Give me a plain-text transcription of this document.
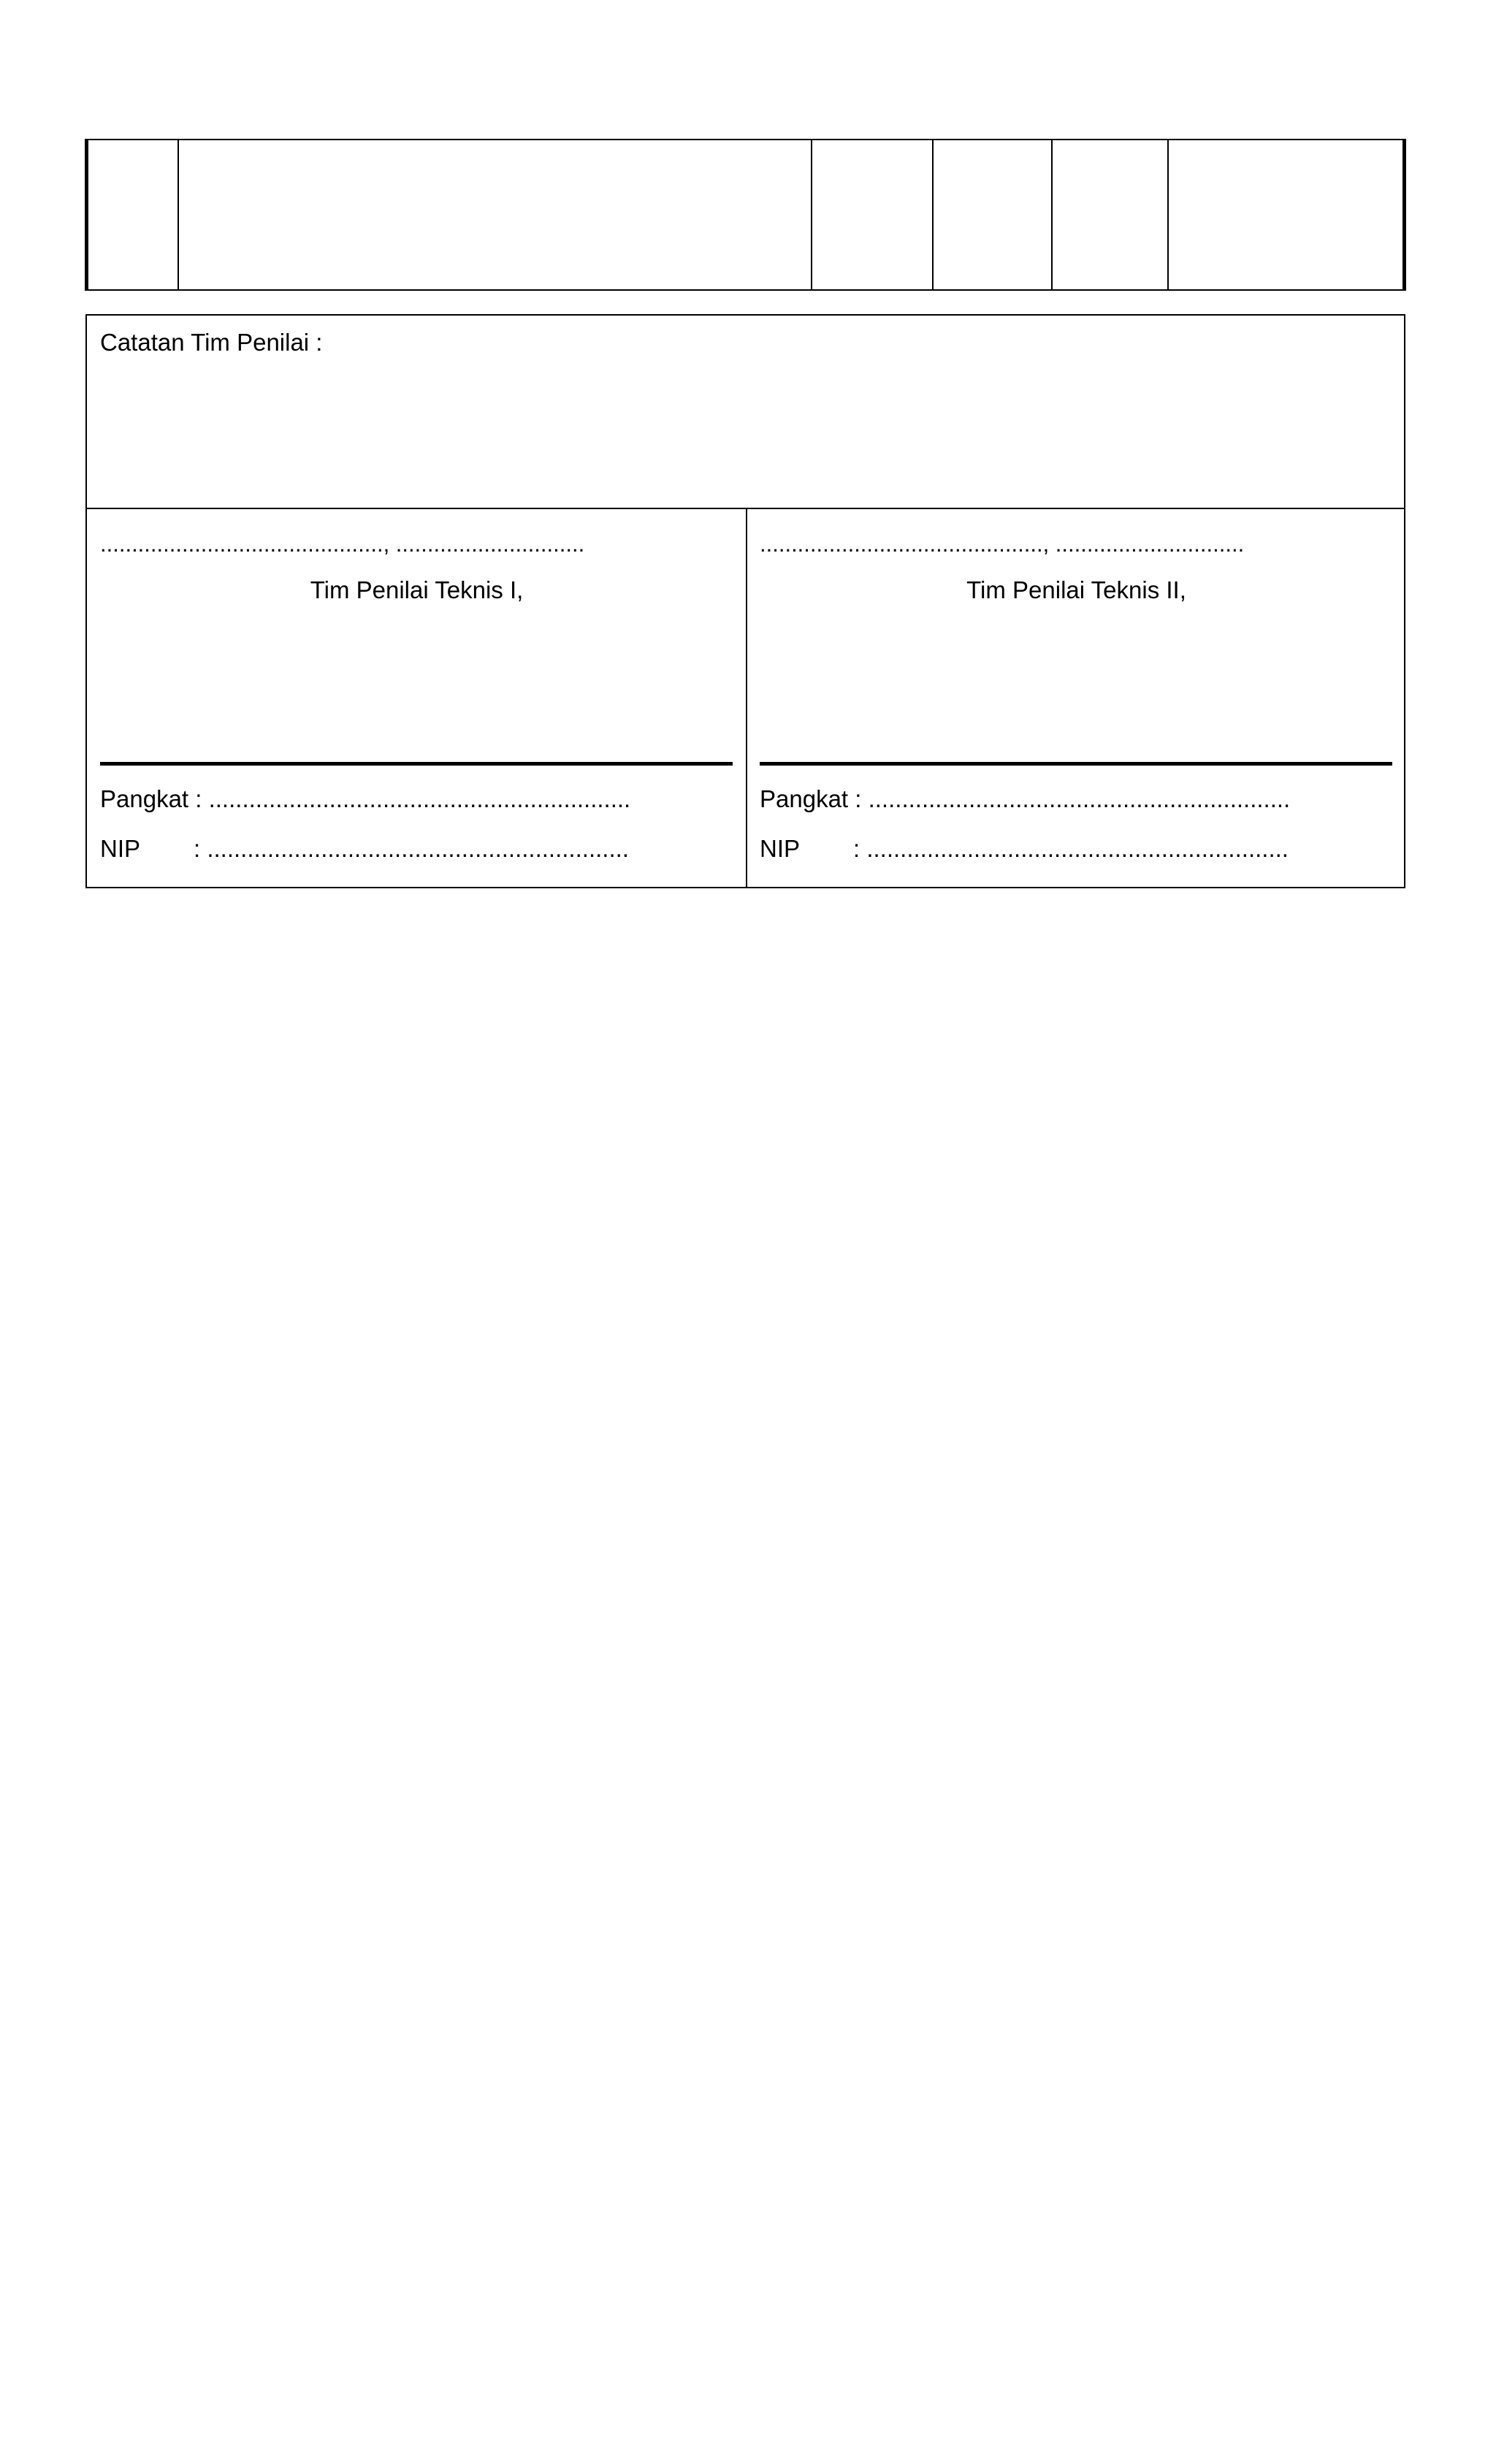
Catatan Tim Penilai :
............................................., ..............................
Tim Penilai Teknis I,
Pangkat : ...............................................................
NIP : ...............................................................
............................................., ..............................
Tim Penilai Teknis II,
Pangkat : ...............................................................
NIP : ...............................................................
